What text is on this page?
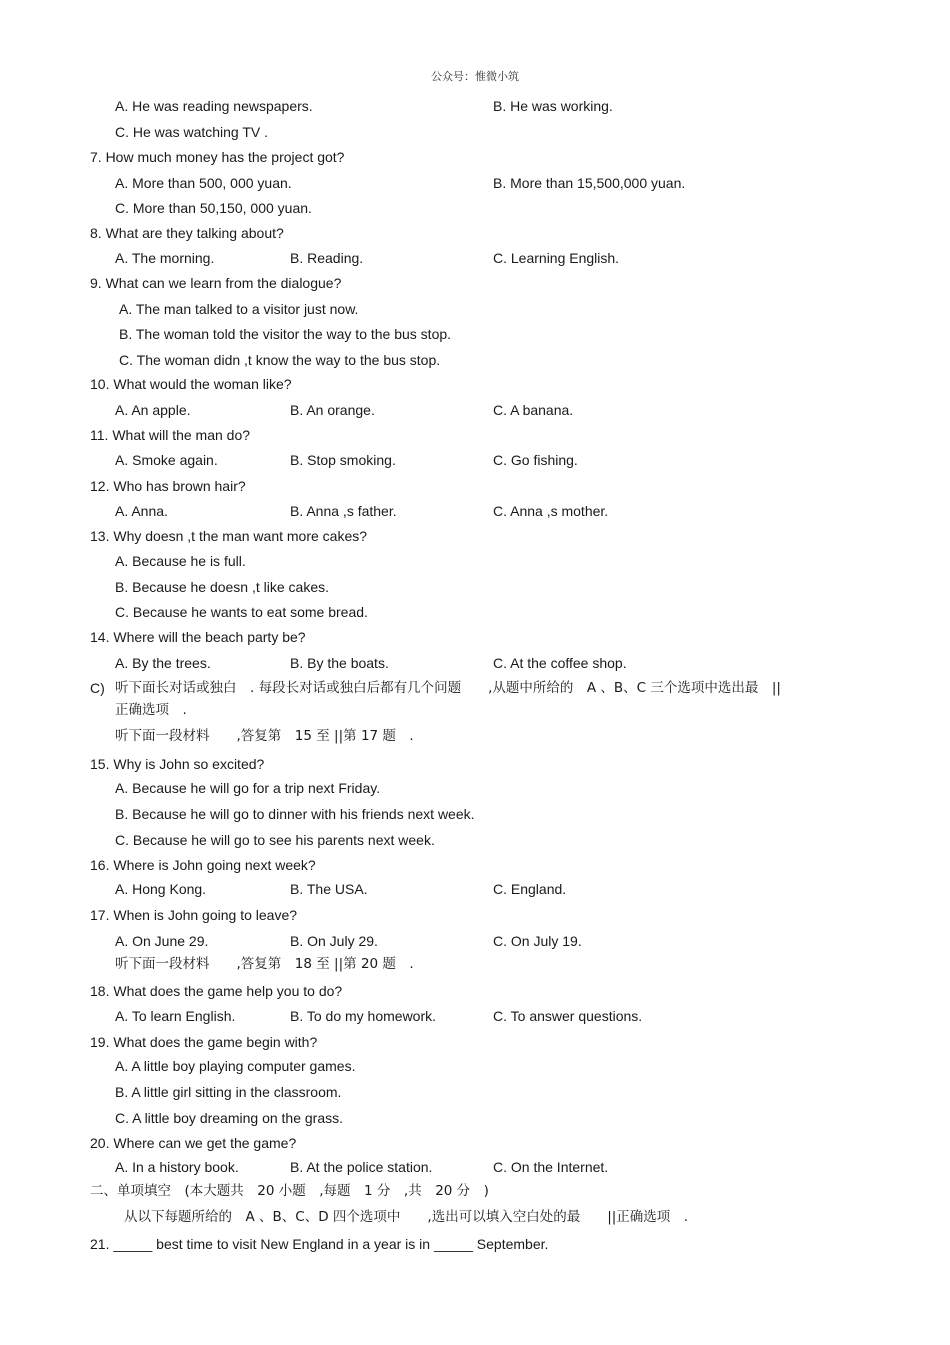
公众号：惟微小筑
A. He was reading newspapers.	B. He was working.
C. He was watching TV .
7. How much money has the project got?
A. More than 500, 000 yuan.	B. More than 15,500,000 yuan.
C. More than 50,150, 000 yuan.
8. What are they talking about?
A. The morning.	B. Reading.	C. Learning English.
9. What can we learn from the dialogue?
A. The man talked to a visitor just now.
B. The woman told the visitor the way to the bus stop.
C. The woman didn ,t know the way to the bus stop.
10. What would the woman like?
A. An apple.	B. An orange.	C. A banana.
11. What will the man do?
A. Smoke again.	B. Stop smoking.	C. Go fishing.
12. Who has brown hair?
A. Anna.	B. Anna ,s father.	C. Anna ,s mother.
13. Why doesn ,t the man want more cakes?
A. Because he is full.
B. Because he doesn ,t like cakes.
C. Because he wants to eat some bread.
14. Where will the beach party be?
A. By the trees.	B. By the boats.	C. At the coffee shop.
C) 听下面长对话或独白　. 每段长对话或独白后都有几个问题　　,从题中所给的　A 、B、C 三个选项中选出最　||
正确选项　.
听下面一段材料　　,答复第　15 至 ||第 17 题　.
15. Why is John so excited?
A. Because he will go for a trip next Friday.
B. Because he will go to dinner with his friends next week.
C. Because he will go to see his parents next week.
16. Where is John going next week?
A. Hong Kong.	B. The USA.	C. England.
17. When is John going to leave?
A. On June 29.	B. On July 29.	C. On July 19.
听下面一段材料　　,答复第　18 至 ||第 20 题　.
18. What does the game help you to do?
A. To learn English.	B. To do my homework.	C. To answer questions.
19. What does the game begin with?
A. A little boy playing computer games.
B. A little girl sitting in the classroom.
C. A little boy dreaming on the grass.
20. Where can we get the game?
A. In a history book.	B. At the police station.	C. On the Internet.
二、单项填空　(本大题共　20 小题　,每题　1 分　,共　20 分　)
从以下每题所给的　A 、B、C、D 四个选项中　　,选出可以填入空白处的最　　||正确选项　.
21. _____ best time to visit New England in a year is in _____ September.
